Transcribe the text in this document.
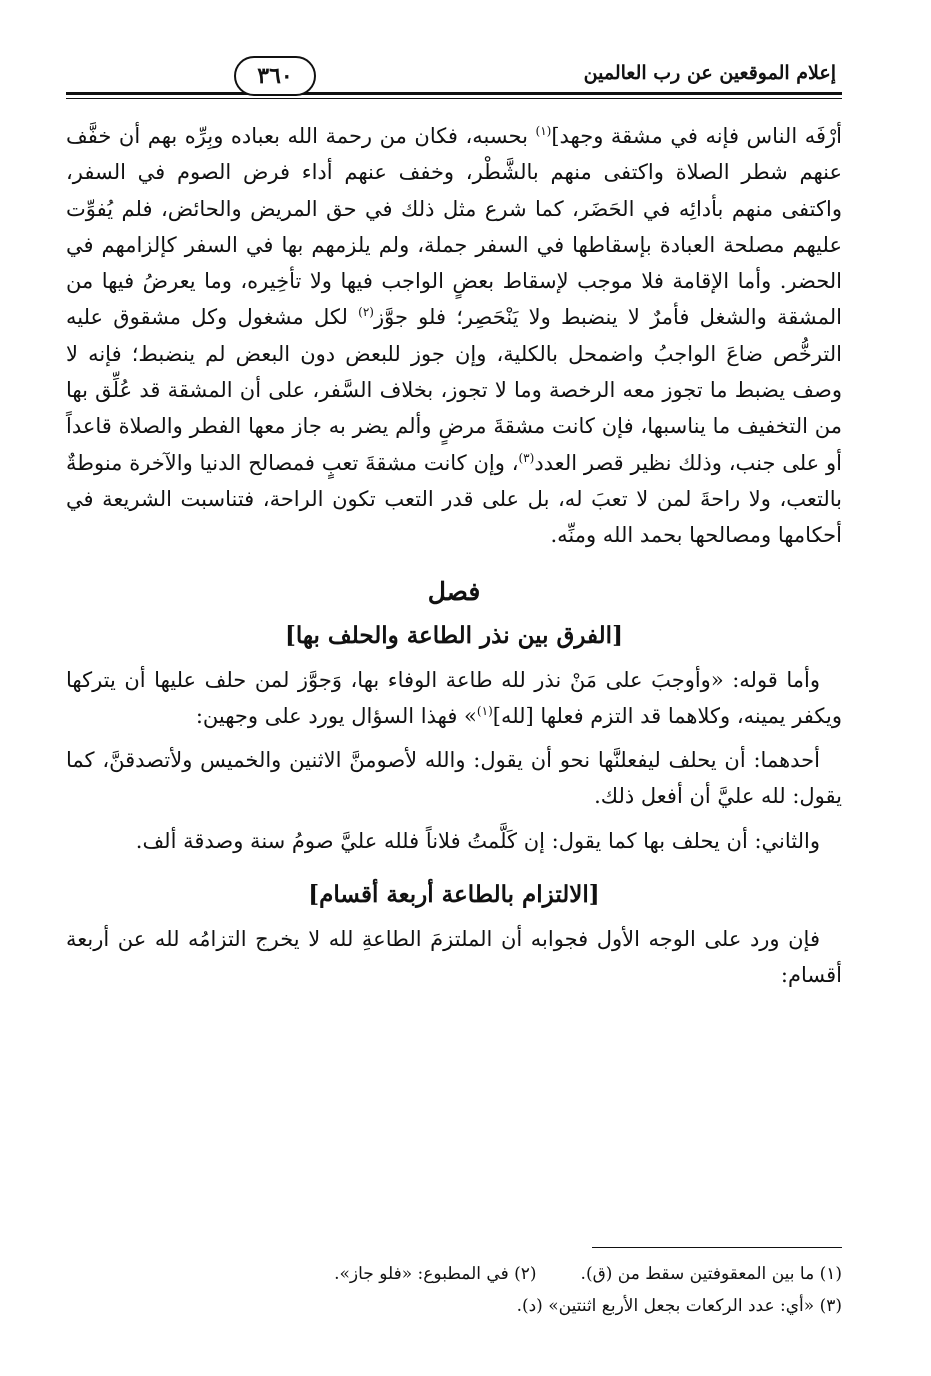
إعلام الموقعين عن رب العالمين
٣٦٠

أرْفَه الناس فإنه في مشقة وجهد]$^{(١)}$ بحسبه، فكان من رحمة الله بعباده وبِرِّه بهم أن خفَّف عنهم شطر الصلاة واكتفى منهم بالشَّطْر، وخفف عنهم أداء فرض الصوم في السفر، واكتفى منهم بأدائِه في الحَضَر، كما شرع مثل ذلك في حق المريض والحائض، فلم يُفوِّت عليهم مصلحة العبادة بإسقاطها في السفر جملة، ولم يلزمهم بها في السفر كإلزامهم في الحضر. وأما الإقامة فلا موجب لإسقاط بعضٍ الواجب فيها ولا تأخِيره، وما يعرضُ فيها من المشقة والشغل فأمرٌ لا ينضبط ولا يَنْحَصِر؛ فلو جوَّز$^{(٢)}$ لكل مشغول وكل مشقوق عليه الترخُّص ضاعَ الواجبُ واضمحل بالكلية، وإن جوز للبعض دون البعض لم ينضبط؛ فإنه لا وصف يضبط ما تجوز معه الرخصة وما لا تجوز، بخلاف السَّفر، على أن المشقة قد عُلِّق بها من التخفيف ما يناسبها، فإن كانت مشقةَ مرضٍ وألم يضر به جاز معها الفطر والصلاة قاعداً أو على جنب، وذلك نظير قصر العدد$^{(٣)}$، وإن كانت مشقةَ تعبٍ فمصالح الدنيا والآخرة منوطةٌ بالتعب، ولا راحةَ لمن لا تعبَ له، بل على قدر التعب تكون الراحة، فتناسبت الشريعة في أحكامها ومصالحها بحمد الله ومنِّه.

فصل
[الفرق بين نذر الطاعة والحلف بها]

وأما قوله: «وأوجبَ على مَنْ نذر لله طاعة الوفاء بها، وَجوَّز لمن حلف عليها أن يتركها ويكفر يمينه، وكلاهما قد التزم فعلها [لله]$^{(١)}$» فهذا السؤال يورد على وجهين:

أحدهما: أن يحلف ليفعلنَّها نحو أن يقول: والله لأصومنَّ الاثنين والخميس ولأتصدقنَّ، كما يقول: لله عليَّ أن أفعل ذلك.

والثاني: أن يحلف بها كما يقول: إن كَلَّمتُ فلاناً فلله عليَّ صومُ سنة وصدقة ألف.

[الالتزام بالطاعة أربعة أقسام]

فإن ورد على الوجه الأول فجوابه أن الملتزمَ الطاعةِ لله لا يخرج التزامُه لله عن أربعة أقسام:

(١) ما بين المعقوفتين سقط من (ق).
(٢) في المطبوع: «فلو جاز».
(٣) «أي: عدد الركعات بجعل الأربع اثنتين» (د).
